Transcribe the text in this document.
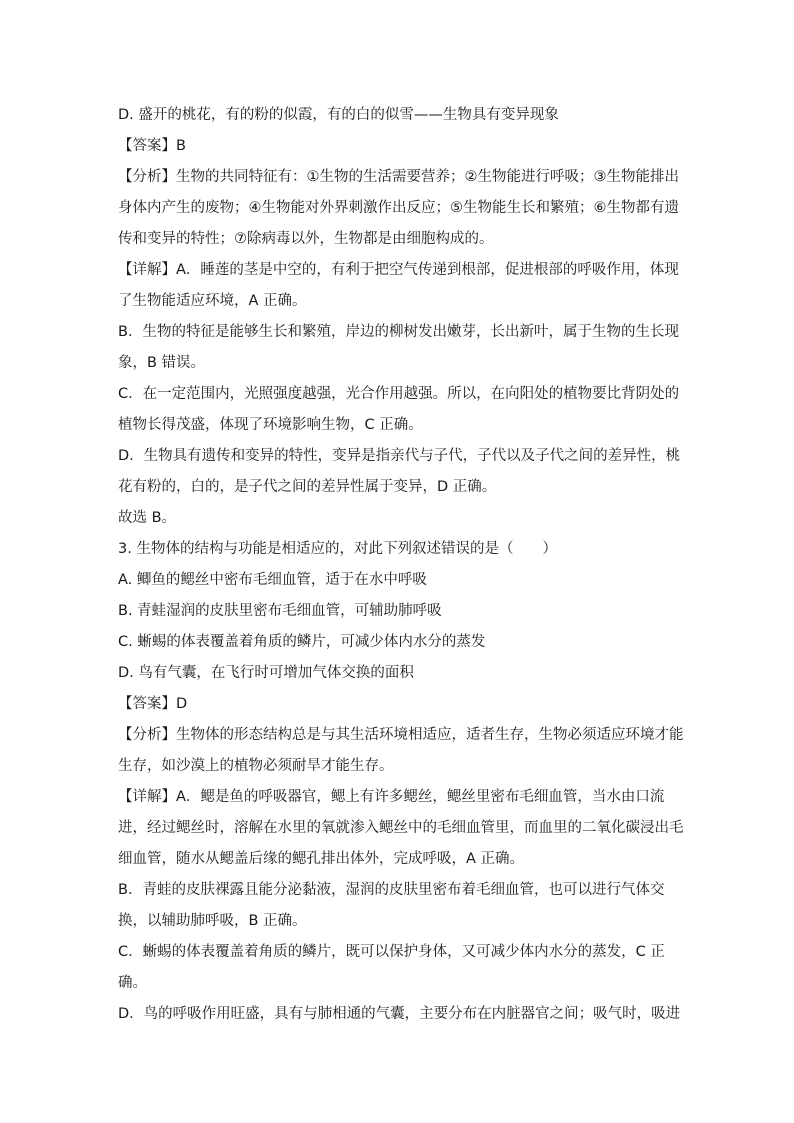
D. 盛开的桃花，有的粉的似霞，有的白的似雪——生物具有变异现象
【答案】B
【分析】生物的共同特征有：①生物的生活需要营养；②生物能进行呼吸；③生物能排出
身体内产生的废物；④生物能对外界刺激作出反应；⑤生物能生长和繁殖；⑥生物都有遗
传和变异的特性；⑦除病毒以外，生物都是由细胞构成的。
【详解】A．睡莲的茎是中空的，有利于把空气传递到根部，促进根部的呼吸作用，体现
了生物能适应环境，A 正确。
B．生物的特征是能够生长和繁殖，岸边的柳树发出嫩芽，长出新叶，属于生物的生长现
象，B 错误。
C．在一定范围内，光照强度越强，光合作用越强。所以，在向阳处的植物要比背阴处的
植物长得茂盛，体现了环境影响生物，C 正确。
D．生物具有遗传和变异的特性，变异是指亲代与子代，子代以及子代之间的差异性，桃
花有粉的，白的，是子代之间的差异性属于变异，D 正确。
故选 B。
3. 生物体的结构与功能是相适应的，对此下列叙述错误的是（　　）
A. 鲫鱼的鳃丝中密布毛细血管，适于在水中呼吸
B. 青蛙湿润的皮肤里密布毛细血管，可辅助肺呼吸
C. 蜥蜴的体表覆盖着角质的鳞片，可减少体内水分的蒸发
D. 鸟有气囊，在飞行时可增加气体交换的面积
【答案】D
【分析】生物体的形态结构总是与其生活环境相适应，适者生存，生物必须适应环境才能
生存，如沙漠上的植物必须耐旱才能生存。
【详解】A．鳃是鱼的呼吸器官，鳃上有许多鳃丝，鳃丝里密布毛细血管，当水由口流
进，经过鳃丝时，溶解在水里的氧就渗入鳃丝中的毛细血管里，而血里的二氧化碳浸出毛
细血管，随水从鳃盖后缘的鳃孔排出体外，完成呼吸，A 正确。
B．青蛙的皮肤裸露且能分泌黏液，湿润的皮肤里密布着毛细血管，也可以进行气体交
换，以辅助肺呼吸，B 正确。
C．蜥蜴的体表覆盖着角质的鳞片，既可以保护身体，又可减少体内水分的蒸发，C 正
确。
D．鸟的呼吸作用旺盛，具有与肺相通的气囊，主要分布在内脏器官之间；吸气时，吸进
